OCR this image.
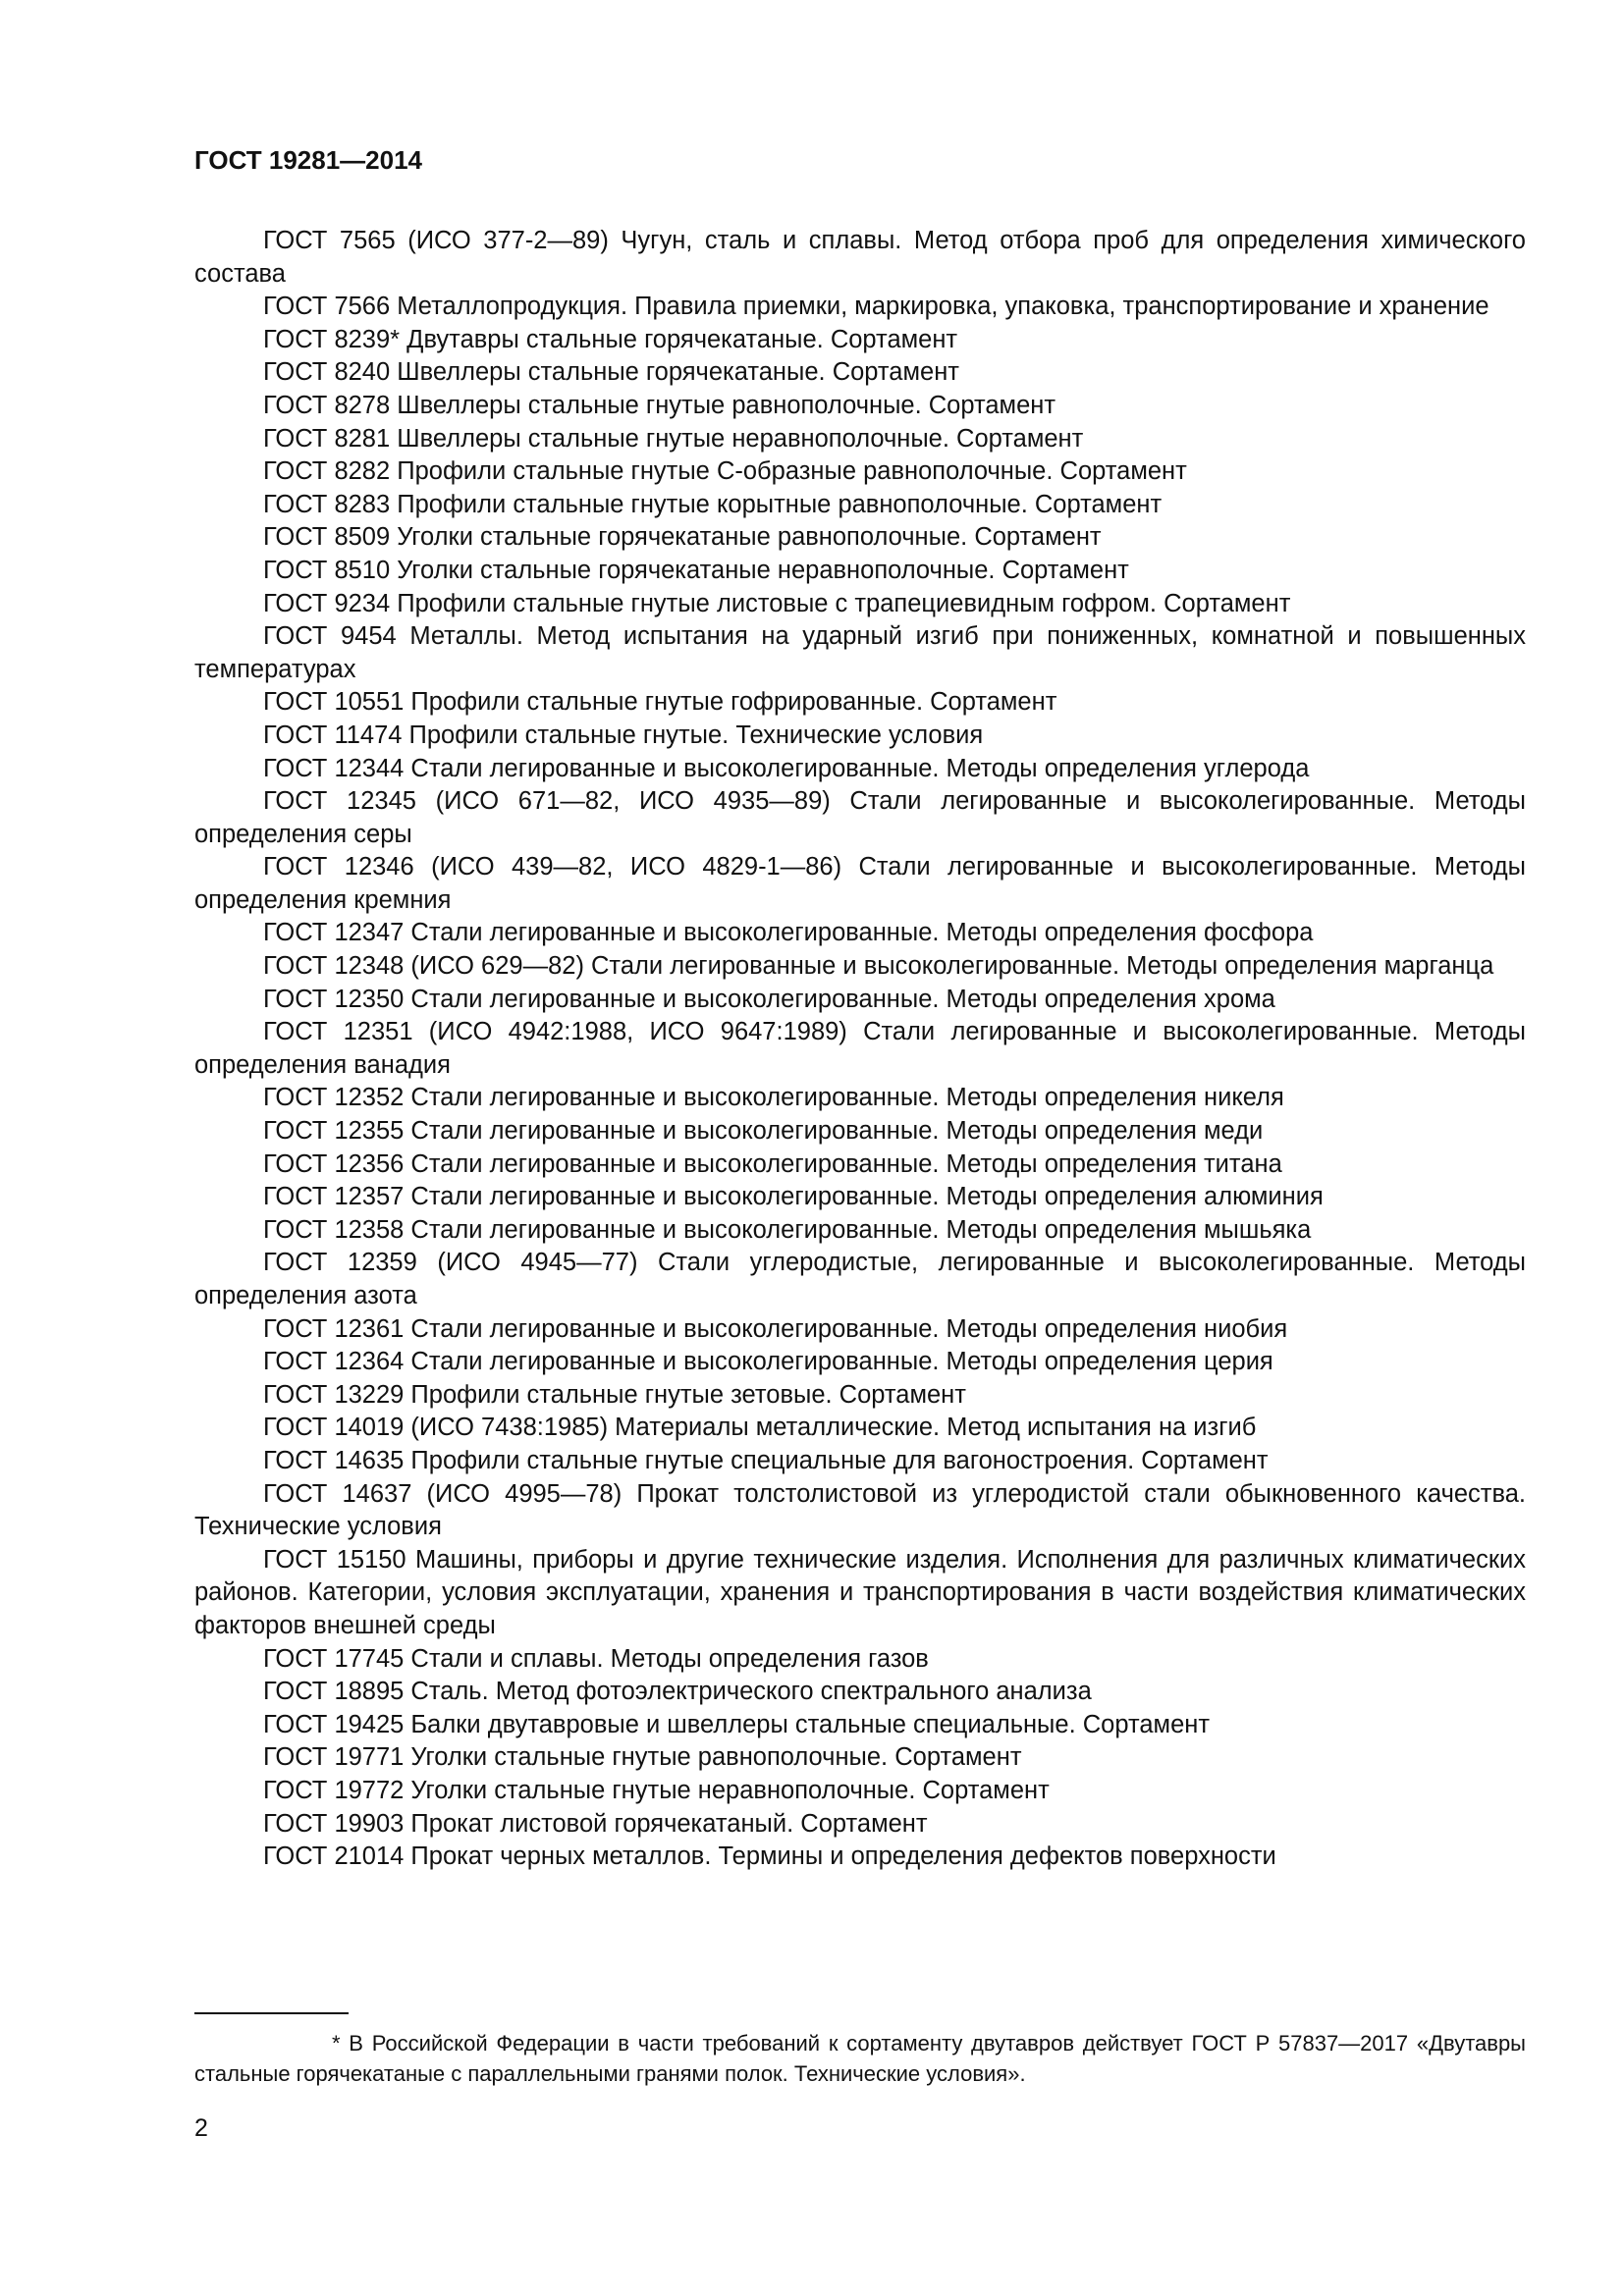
ГОСТ 19281—2014

ГОСТ 7565 (ИСО 377-2—89) Чугун, сталь и сплавы. Метод отбора проб для определения химического состава

ГОСТ 7566 Металлопродукция. Правила приемки, маркировка, упаковка, транспортирование и хранение

ГОСТ 8239* Двутавры стальные горячекатаные. Сортамент

ГОСТ 8240 Швеллеры стальные горячекатаные. Сортамент

ГОСТ 8278 Швеллеры стальные гнутые равнополочные. Сортамент

ГОСТ 8281 Швеллеры стальные гнутые неравнополочные. Сортамент

ГОСТ 8282 Профили стальные гнутые С-образные равнополочные. Сортамент

ГОСТ 8283 Профили стальные гнутые корытные равнополочные. Сортамент

ГОСТ 8509 Уголки стальные горячекатаные равнополочные. Сортамент

ГОСТ 8510 Уголки стальные горячекатаные неравнополочные. Сортамент

ГОСТ 9234 Профили стальные гнутые листовые с трапециевидным гофром. Сортамент

ГОСТ 9454 Металлы. Метод испытания на ударный изгиб при пониженных, комнатной и повышенных температурах

ГОСТ 10551 Профили стальные гнутые гофрированные. Сортамент

ГОСТ 11474 Профили стальные гнутые. Технические условия

ГОСТ 12344 Стали легированные и высоколегированные. Методы определения углерода

ГОСТ 12345 (ИСО 671—82, ИСО 4935—89) Стали легированные и высоколегированные. Методы определения серы

ГОСТ 12346 (ИСО 439—82, ИСО 4829-1—86) Стали легированные и высоколегированные. Методы определения кремния

ГОСТ 12347 Стали легированные и высоколегированные. Методы определения фосфора

ГОСТ 12348 (ИСО 629—82) Стали легированные и высоколегированные. Методы определения марганца

ГОСТ 12350 Стали легированные и высоколегированные. Методы определения хрома

ГОСТ 12351 (ИСО 4942:1988, ИСО 9647:1989) Стали легированные и высоколегированные. Методы определения ванадия

ГОСТ 12352 Стали легированные и высоколегированные. Методы определения никеля

ГОСТ 12355 Стали легированные и высоколегированные. Методы определения меди

ГОСТ 12356 Стали легированные и высоколегированные. Методы определения титана

ГОСТ 12357 Стали легированные и высоколегированные. Методы определения алюминия

ГОСТ 12358 Стали легированные и высоколегированные. Методы определения мышьяка

ГОСТ 12359 (ИСО 4945—77) Стали углеродистые, легированные и высоколегированные. Методы определения азота

ГОСТ 12361 Стали легированные и высоколегированные. Методы определения ниобия

ГОСТ 12364 Стали легированные и высоколегированные. Методы определения церия

ГОСТ 13229 Профили стальные гнутые зетовые. Сортамент

ГОСТ 14019 (ИСО 7438:1985) Материалы металлические. Метод испытания на изгиб

ГОСТ 14635 Профили стальные гнутые специальные для вагоностроения. Сортамент

ГОСТ 14637 (ИСО 4995—78) Прокат толстолистовой из углеродистой стали обыкновенного качества. Технические условия

ГОСТ 15150 Машины, приборы и другие технические изделия. Исполнения для различных климатических районов. Категории, условия эксплуатации, хранения и транспортирования в части воздействия климатических факторов внешней среды

ГОСТ 17745 Стали и сплавы. Методы определения газов

ГОСТ 18895 Сталь. Метод фотоэлектрического спектрального анализа

ГОСТ 19425 Балки двутавровые и швеллеры стальные специальные. Сортамент

ГОСТ 19771 Уголки стальные гнутые равнополочные. Сортамент

ГОСТ 19772 Уголки стальные гнутые неравнополочные. Сортамент

ГОСТ 19903 Прокат листовой горячекатаный. Сортамент

ГОСТ 21014 Прокат черных металлов. Термины и определения дефектов поверхности

* В Российской Федерации в части требований к сортаменту двутавров действует ГОСТ Р 57837—2017 «Двутавры стальные горячекатаные с параллельными гранями полок. Технические условия».

2
